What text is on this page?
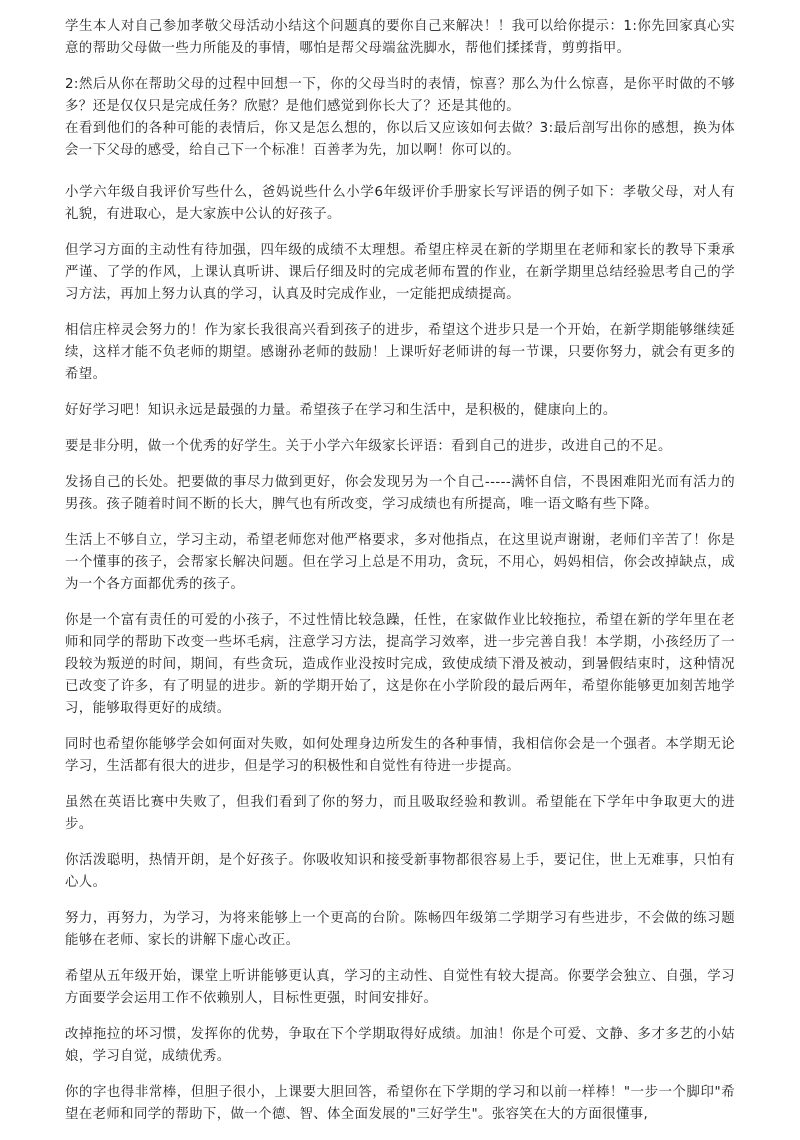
学生本人对自己参加孝敬父母活动小结这个问题真的要你自己来解决！！我可以给你提示：1:你先回家真心实意的帮助父母做一些力所能及的事情，哪怕是帮父母端盆洗脚水，帮他们揉揉背，剪剪指甲。

2:然后从你在帮助父母的过程中回想一下，你的父母当时的表情，惊喜？那么为什么惊喜，是你平时做的不够多？还是仅仅只是完成任务？欣慰？是他们感觉到你长大了？还是其他的。

在看到他们的各种可能的表情后，你又是怎么想的，你以后又应该如何去做？3:最后剖写出你的感想，换为体会一下父母的感受，给自己下一个标准！百善孝为先，加以啊！你可以的。

小学六年级自我评价写些什么，爸妈说些什么小学6年级评价手册家长写评语的例子如下：孝敬父母，对人有礼貌，有进取心，是大家族中公认的好孩子。

但学习方面的主动性有待加强，四年级的成绩不太理想。希望庄梓灵在新的学期里在老师和家长的教导下秉承严谨、了学的作风，上课认真听讲、课后仔细及时的完成老师布置的作业，在新学期里总结经验思考自己的学习方法，再加上努力认真的学习，认真及时完成作业，一定能把成绩提高。

相信庄梓灵会努力的！作为家长我很高兴看到孩子的进步，希望这个进步只是一个开始，在新学期能够继续延续，这样才能不负老师的期望。感谢孙老师的鼓励！上课听好老师讲的每一节课，只要你努力，就会有更多的希望。

好好学习吧！知识永远是最强的力量。希望孩子在学习和生活中，是积极的，健康向上的。

要是非分明，做一个优秀的好学生。关于小学六年级家长评语：看到自己的进步，改进自己的不足。

发扬自己的长处。把要做的事尽力做到更好，你会发现另为一个自己-----满怀自信，不畏困难阳光而有活力的男孩。孩子随着时间不断的长大，脾气也有所改变，学习成绩也有所提高，唯一语文略有些下降。

生活上不够自立，学习主动，希望老师您对他严格要求，多对他指点，在这里说声谢谢，老师们辛苦了！你是一个懂事的孩子，会帮家长解决问题。但在学习上总是不用功，贪玩，不用心，妈妈相信，你会改掉缺点，成为一个各方面都优秀的孩子。

你是一个富有责任的可爱的小孩子，不过性情比较急躁，任性，在家做作业比较拖拉，希望在新的学年里在老师和同学的帮助下改变一些坏毛病，注意学习方法，提高学习效率，进一步完善自我！本学期，小孩经历了一段较为叛逆的时间，期间，有些贪玩，造成作业没按时完成，致使成绩下滑及被动，到暑假结束时，这种情况已改变了许多，有了明显的进步。新的学期开始了，这是你在小学阶段的最后两年，希望你能够更加刻苦地学习，能够取得更好的成绩。

同时也希望你能够学会如何面对失败，如何处理身边所发生的各种事情，我相信你会是一个强者。本学期无论学习，生活都有很大的进步，但是学习的积极性和自觉性有待进一步提高。

虽然在英语比赛中失败了，但我们看到了你的努力，而且吸取经验和教训。希望能在下学年中争取更大的进步。

你活泼聪明，热情开朗，是个好孩子。你吸收知识和接受新事物都很容易上手，要记住，世上无难事，只怕有心人。

努力，再努力，为学习，为将来能够上一个更高的台阶。陈畅四年级第二学期学习有些进步，不会做的练习题能够在老师、家长的讲解下虚心改正。

希望从五年级开始，课堂上听讲能够更认真，学习的主动性、自觉性有较大提高。你要学会独立、自强，学习方面要学会运用工作不依赖别人，目标性更强，时间安排好。

改掉拖拉的坏习惯，发挥你的优势，争取在下个学期取得好成绩。加油！你是个可爱、文静、多才多艺的小姑娘，学习自觉，成绩优秀。

你的字也得非常棒，但胆子很小，上课要大胆回答，希望你在下学期的学习和以前一样棒！"一步一个脚印"希望在老师和同学的帮助下，做一个德、智、体全面发展的"三好学生"。张容笑在大的方面很懂事,
